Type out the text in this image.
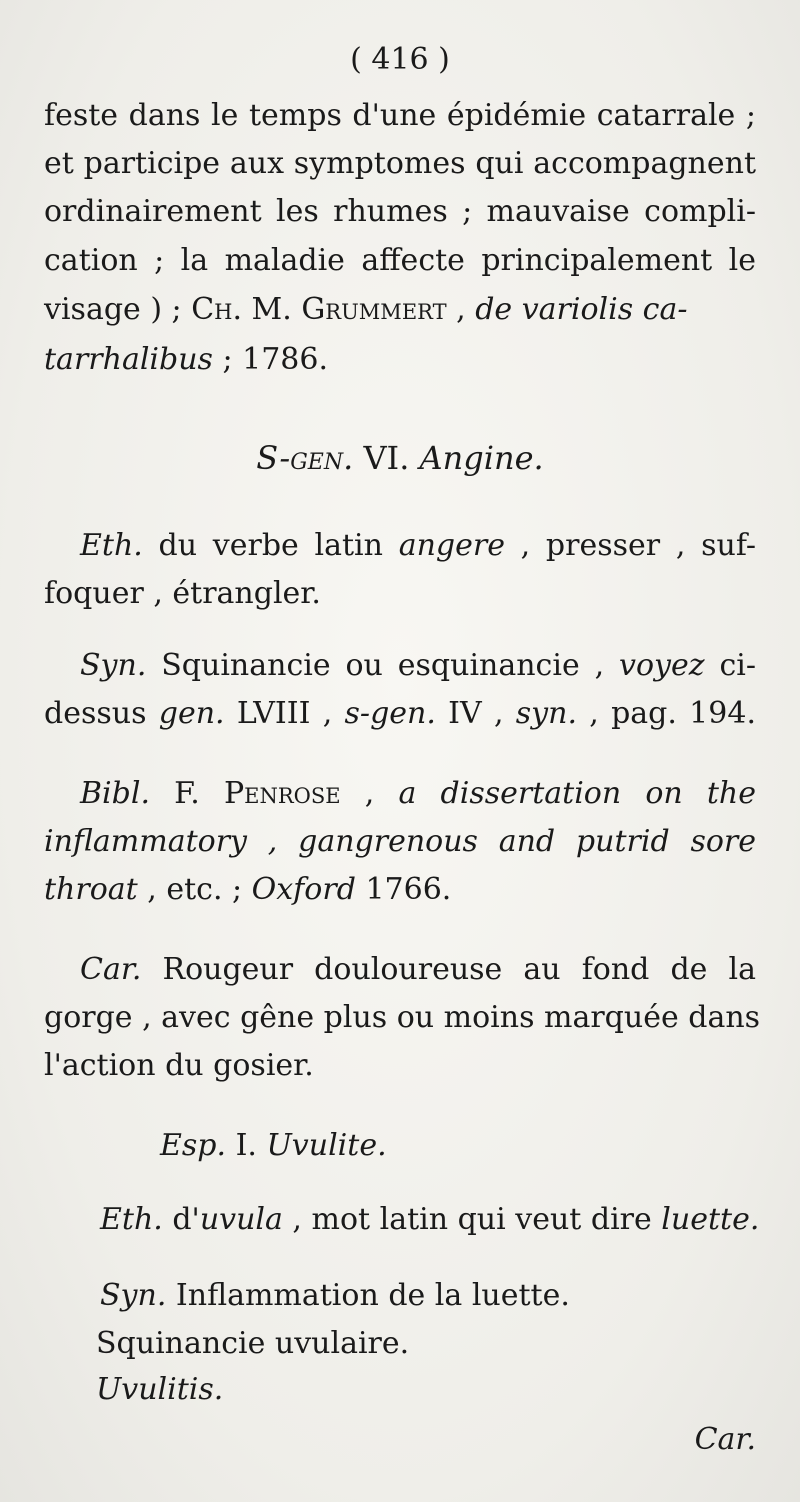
( 416 )
feste dans le temps d'une épidémie catarrale ;
et participe aux symptomes qui accompagnent
ordinairement les rhumes ; mauvaise compli-
cation ; la maladie affecte principalement le
visage ) ; Ch. M. Grummert , de variolis ca-
tarrhalibus ; 1786.
S-gen. VI. Angine.
Eth. du verbe latin angere , presser , suf-
foquer , étrangler.
Syn. Squinancie ou esquinancie , voyez ci-
dessus gen. LVIII , s-gen. IV , syn. , pag. 194.
Bibl. F. Penrose , a dissertation on the
inflammatory , gangrenous and putrid sore
throat , etc. ; Oxford 1766.
Car. Rougeur douloureuse au fond de la
gorge , avec gêne plus ou moins marquée dans
l'action du gosier.
Esp. I. Uvulite.
Eth. d'uvula , mot latin qui veut dire luette.
Syn. Inflammation de la luette.
Squinancie uvulaire.
Uvulitis.
Car.
